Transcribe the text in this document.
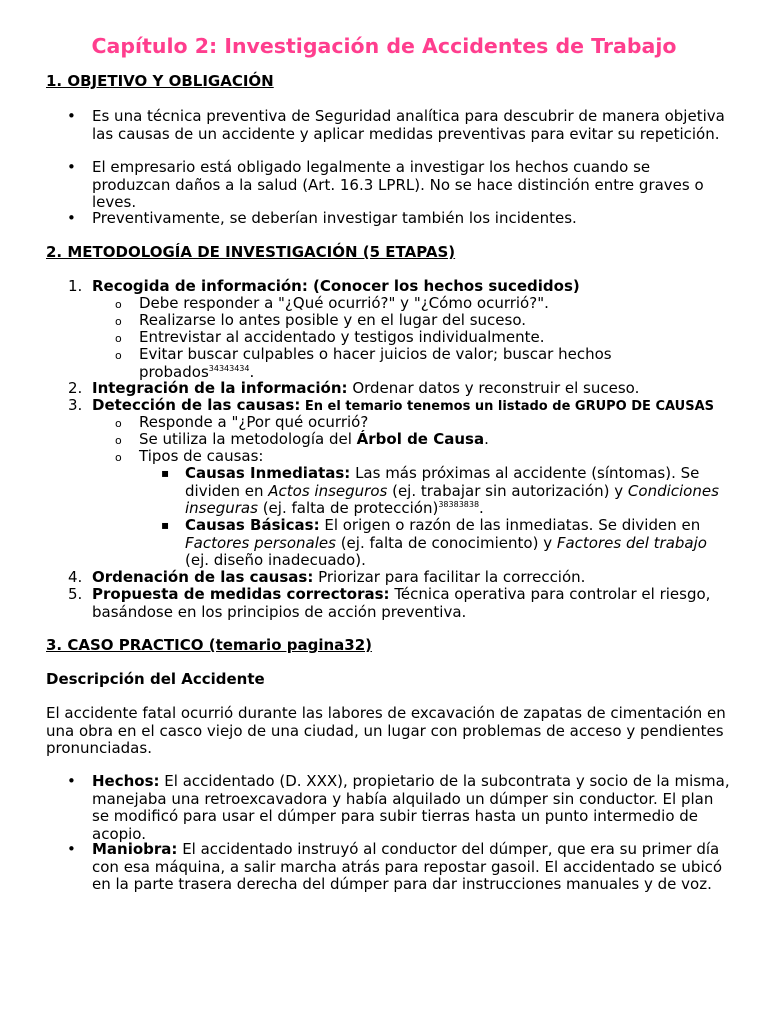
Capítulo 2: Investigación de Accidentes de Trabajo
1. OBJETIVO Y OBLIGACIÓN
• Es una técnica preventiva de Seguridad analítica para descubrir de manera objetiva las causas de un accidente y aplicar medidas preventivas para evitar su repetición.
• El empresario está obligado legalmente a investigar los hechos cuando se produzcan daños a la salud (Art. 16.3 LPRL). No se hace distinción entre graves o leves.
• Preventivamente, se deberían investigar también los incidentes.
2. METODOLOGÍA DE INVESTIGACIÓN (5 ETAPAS)
1. Recogida de información: (Conocer los hechos sucedidos)
o Debe responder a "¿Qué ocurrió?" y "¿Cómo ocurrió?".
o Realizarse lo antes posible y en el lugar del suceso.
o Entrevistar al accidentado y testigos individualmente.
o Evitar buscar culpables o hacer juicios de valor; buscar hechos probados$^{34343434}$.
2. Integración de la información: Ordenar datos y reconstruir el suceso.
3. Detección de las causas: En el temario tenemos un listado de GRUPO DE CAUSAS
o Responde a "¿Por qué ocurrió?
o Se utiliza la metodología del Árbol de Causa.
o Tipos de causas:
▪ Causas Inmediatas: Las más próximas al accidente (síntomas). Se dividen en Actos inseguros (ej. trabajar sin autorización) y Condiciones inseguras (ej. falta de protección)$^{38383838}$.
▪ Causas Básicas: El origen o razón de las inmediatas. Se dividen en Factores personales (ej. falta de conocimiento) y Factores del trabajo (ej. diseño inadecuado).
4. Ordenación de las causas: Priorizar para facilitar la corrección.
5. Propuesta de medidas correctoras: Técnica operativa para controlar el riesgo, basándose en los principios de acción preventiva.
3. CASO PRACTICO (temario pagina32)
Descripción del Accidente
El accidente fatal ocurrió durante las labores de excavación de zapatas de cimentación en una obra en el casco viejo de una ciudad, un lugar con problemas de acceso y pendientes pronunciadas.
• Hechos: El accidentado (D. XXX), propietario de la subcontrata y socio de la misma, manejaba una retroexcavadora y había alquilado un dúmper sin conductor. El plan se modificó para usar el dúmper para subir tierras hasta un punto intermedio de acopio.
• Maniobra: El accidentado instruyó al conductor del dúmper, que era su primer día con esa máquina, a salir marcha atrás para repostar gasoil. El accidentado se ubicó en la parte trasera derecha del dúmper para dar instrucciones manuales y de voz.
